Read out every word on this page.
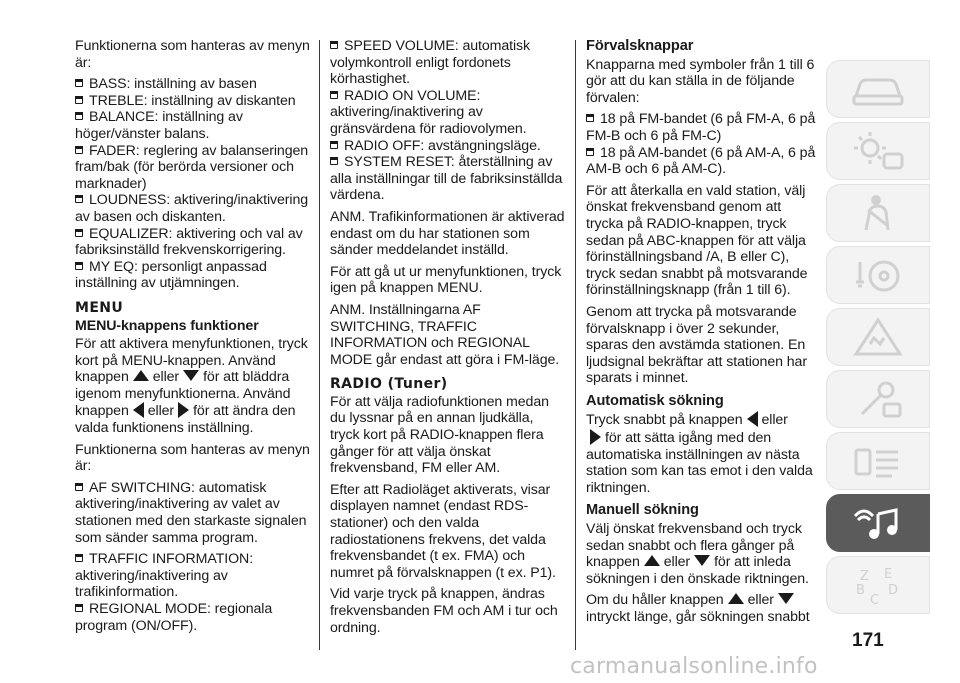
Funktionerna som hanteras av menyn är:

BASS: inställning av basen
TREBLE: inställning av diskanten
BALANCE: inställning av höger/vänster balans.
FADER: reglering av balanseringen fram/bak (för berörda versioner och marknader)
LOUDNESS: aktivering/inaktivering av basen och diskanten.
EQUALIZER: aktivering och val av fabriksinställd frekvenskorrigering.
MY EQ: personligt anpassad inställning av utjämningen.
MENU
MENU-knappens funktioner

För att aktivera menyfunktionen, tryck kort på MENU-knappen. Använd knappen eller för att bläddra igenom menyfunktionerna. Använd knappen eller för att ändra den valda funktionens inställning.

Funktionerna som hanteras av menyn är:

AF SWITCHING: automatisk aktivering/inaktivering av valet av stationen med den starkaste signalen som sänder samma program.
TRAFFIC INFORMATION: aktivering/inaktivering av trafikinformation.
REGIONAL MODE: regionala program (ON/OFF).
SPEED VOLUME: automatisk volymkontroll enligt fordonets körhastighet.
RADIO ON VOLUME: aktivering/inaktivering av gränsvärdena för radiovolymen.
RADIO OFF: avstängningsläge.
SYSTEM RESET: återställning av alla inställningar till de fabriksinställda värdena.

ANM. Trafikinformationen är aktiverad endast om du har stationen som sänder meddelandet inställd.

För att gå ut ur menyfunktionen, tryck igen på knappen MENU.

ANM. Inställningarna AF SWITCHING, TRAFFIC INFORMATION och REGIONAL MODE går endast att göra i FM-läge.

RADIO (Tuner)

För att välja radiofunktionen medan du lyssnar på en annan ljudkälla, tryck kort på RADIO-knappen flera gånger för att välja önskat frekvensband, FM eller AM.

Efter att Radioläget aktiverats, visar displayen namnet (endast RDS-stationer) och den valda radiostationens frekvens, det valda frekvensbandet (t ex. FMA) och numret på förvalsknappen (t ex. P1).

Vid varje tryck på knappen, ändras frekvensbanden FM och AM i tur och ordning.

Förvalsknappar

Knapparna med symboler från 1 till 6 gör att du kan ställa in de följande förvalen:

18 på FM-bandet (6 på FM-A, 6 på FM-B och 6 på FM-C)
18 på AM-bandet (6 på AM-A, 6 på AM-B och 6 på AM-C).

För att återkalla en vald station, välj önskat frekvensband genom att trycka på RADIO-knappen, tryck sedan på ABC-knappen för att välja förinställningsband /A, B eller C), tryck sedan snabbt på motsvarande förinställningsknapp (från 1 till 6).

Genom att trycka på motsvarande förvalsknapp i över 2 sekunder, sparas den avstämda stationen. En ljudsignal bekräftar att stationen har sparats i minnet.

Automatisk sökning

Tryck snabbt på knappen eller
för att sätta igång med den automatiska inställningen av nästa station som kan tas emot i den valda riktningen.

Manuell sökning

Välj önskat frekvensband och tryck sedan snabbt och flera gånger på knappen eller för att inleda sökningen i den önskade riktningen.

Om du håller knappen ellerintryckt länge, går sökningen snabbt

Z E
B D
C
171
carmanualsonline.info
